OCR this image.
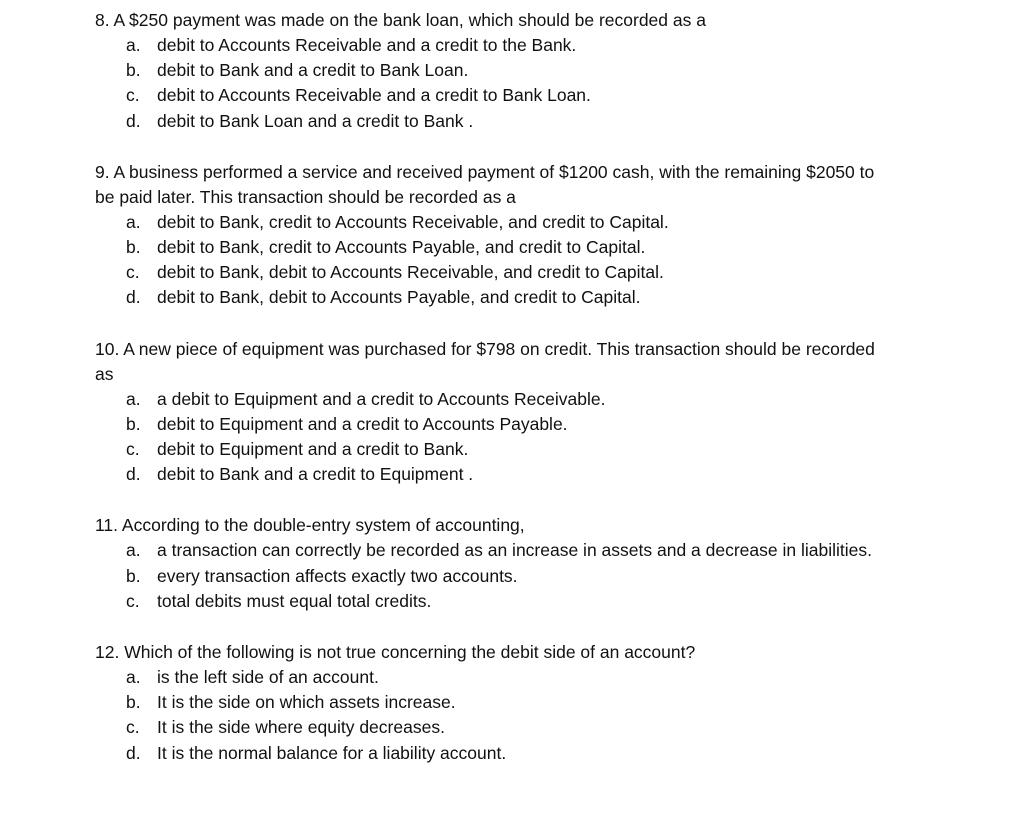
8. A $250 payment was made on the bank loan, which should be recorded as a

a. debit to Accounts Receivable and a credit to the Bank.
b. debit to Bank and a credit to Bank Loan.
c. debit to Accounts Receivable and a credit to Bank Loan.
d. debit to Bank Loan and a credit to Bank .

9. A business performed a service and received payment of $1200 cash, with the remaining $2050 to be paid later. This transaction should be recorded as a

a. debit to Bank, credit to Accounts Receivable, and credit to Capital.
b. debit to Bank, credit to Accounts Payable, and credit to Capital.
c. debit to Bank, debit to Accounts Receivable, and credit to Capital.
d. debit to Bank, debit to Accounts Payable, and credit to Capital.

10. A new piece of equipment was purchased for $798 on credit. This transaction should be recorded as

a. a debit to Equipment and a credit to Accounts Receivable.
b. debit to Equipment and a credit to Accounts Payable.
c. debit to Equipment and a credit to Bank.
d. debit to Bank and a credit to Equipment .

11. According to the double-entry system of accounting,

a. a transaction can correctly be recorded as an increase in assets and a decrease in liabilities.
b. every transaction affects exactly two accounts.
c. total debits must equal total credits.

12. Which of the following is not true concerning the debit side of an account?

a. is the left side of an account.
b. It is the side on which assets increase.
c. It is the side where equity decreases.
d. It is the normal balance for a liability account.
